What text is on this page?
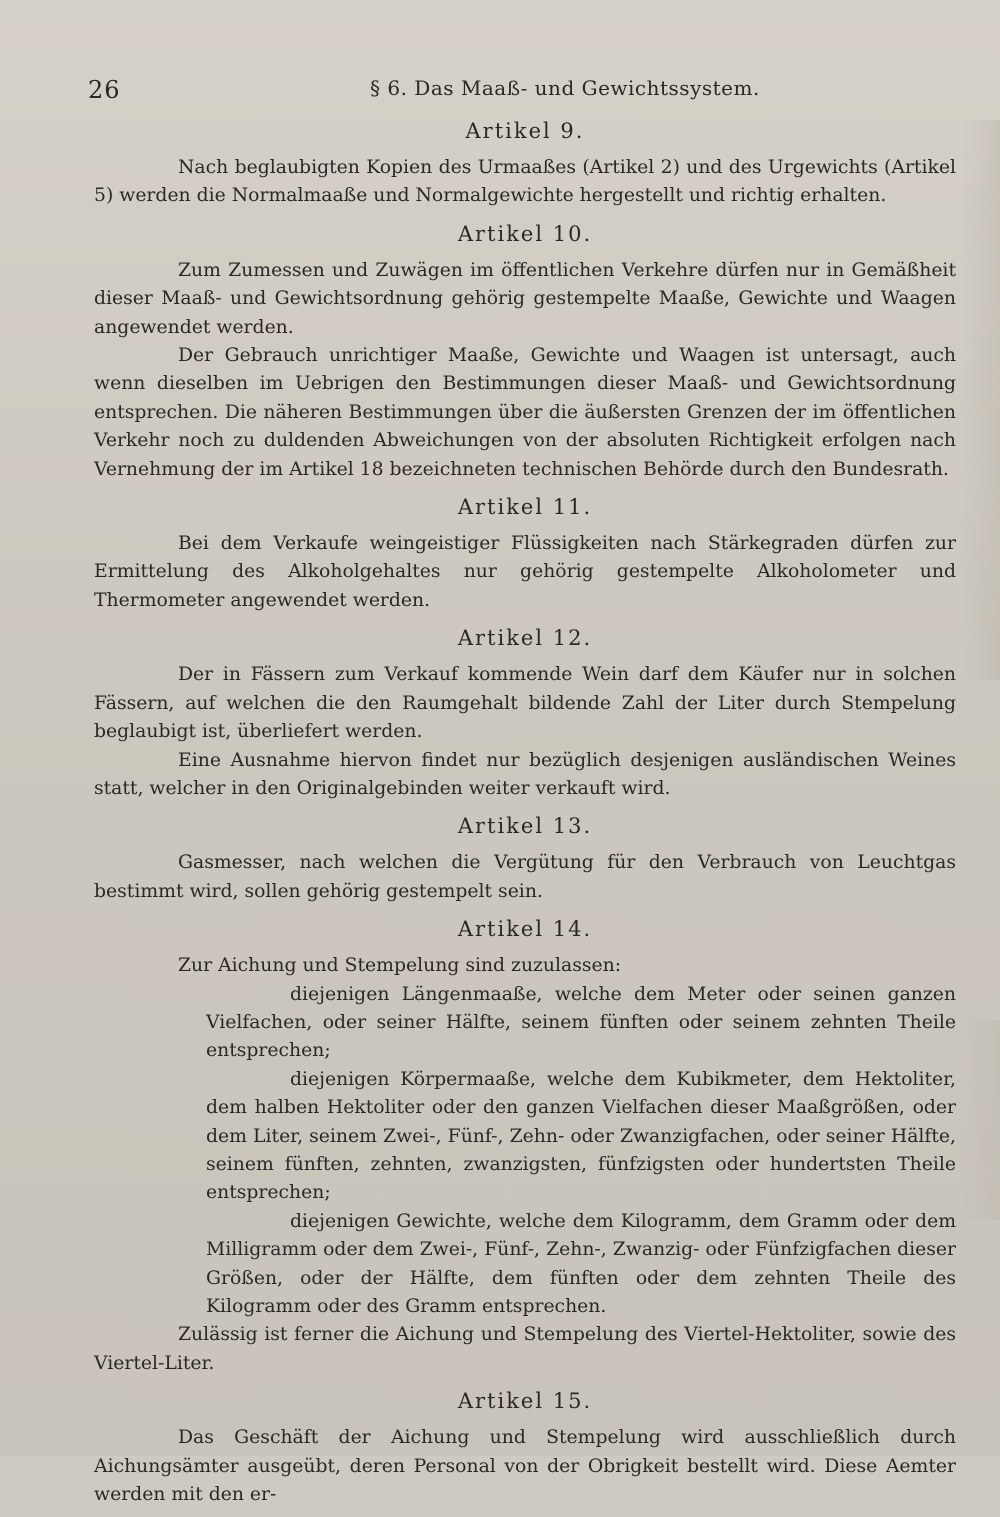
26	§ 6. Das Maaß- und Gewichtssystem.
Artikel 9.

Nach beglaubigten Kopien des Urmaaßes (Artikel 2) und des Urgewichts (Artikel 5) werden die Normalmaaße und Normalgewichte hergestellt und richtig erhalten.

Artikel 10.

Zum Zumessen und Zuwägen im öffentlichen Verkehre dürfen nur in Gemäßheit dieser Maaß- und Gewichtsordnung gehörig gestempelte Maaße, Gewichte und Waagen angewendet werden.

Der Gebrauch unrichtiger Maaße, Gewichte und Waagen ist untersagt, auch wenn dieselben im Uebrigen den Bestimmungen dieser Maaß- und Gewichtsordnung entsprechen. Die näheren Bestimmungen über die äußersten Grenzen der im öffentlichen Verkehr noch zu duldenden Abweichungen von der absoluten Richtigkeit erfolgen nach Vernehmung der im Artikel 18 bezeichneten technischen Behörde durch den Bundesrath.

Artikel 11.

Bei dem Verkaufe weingeistiger Flüssigkeiten nach Stärkegraden dürfen zur Ermittelung des Alkoholgehaltes nur gehörig gestempelte Alkoholometer und Thermometer angewendet werden.

Artikel 12.

Der in Fässern zum Verkauf kommende Wein darf dem Käufer nur in solchen Fässern, auf welchen die den Raumgehalt bildende Zahl der Liter durch Stempelung beglaubigt ist, überliefert werden.

Eine Ausnahme hiervon findet nur bezüglich desjenigen ausländischen Weines statt, welcher in den Originalgebinden weiter verkauft wird.

Artikel 13.

Gasmesser, nach welchen die Vergütung für den Verbrauch von Leuchtgas bestimmt wird, sollen gehörig gestempelt sein.

Artikel 14.

Zur Aichung und Stempelung sind zuzulassen:

diejenigen Längenmaaße, welche dem Meter oder seinen ganzen Vielfachen, oder seiner Hälfte, seinem fünften oder seinem zehnten Theile entsprechen;

diejenigen Körpermaaße, welche dem Kubikmeter, dem Hektoliter, dem halben Hektoliter oder den ganzen Vielfachen dieser Maaßgrößen, oder dem Liter, seinem Zwei-, Fünf-, Zehn- oder Zwanzigfachen, oder seiner Hälfte, seinem fünften, zehnten, zwanzigsten, fünfzigsten oder hundertsten Theile entsprechen;

diejenigen Gewichte, welche dem Kilogramm, dem Gramm oder dem Milligramm oder dem Zwei-, Fünf-, Zehn-, Zwanzig- oder Fünfzigfachen dieser Größen, oder der Hälfte, dem fünften oder dem zehnten Theile des Kilogramm oder des Gramm entsprechen.

Zulässig ist ferner die Aichung und Stempelung des Viertel-Hektoliter, sowie des Viertel-Liter.

Artikel 15.

Das Geschäft der Aichung und Stempelung wird ausschließlich durch Aichungsämter ausgeübt, deren Personal von der Obrigkeit bestellt wird. Diese Aemter werden mit den er-
